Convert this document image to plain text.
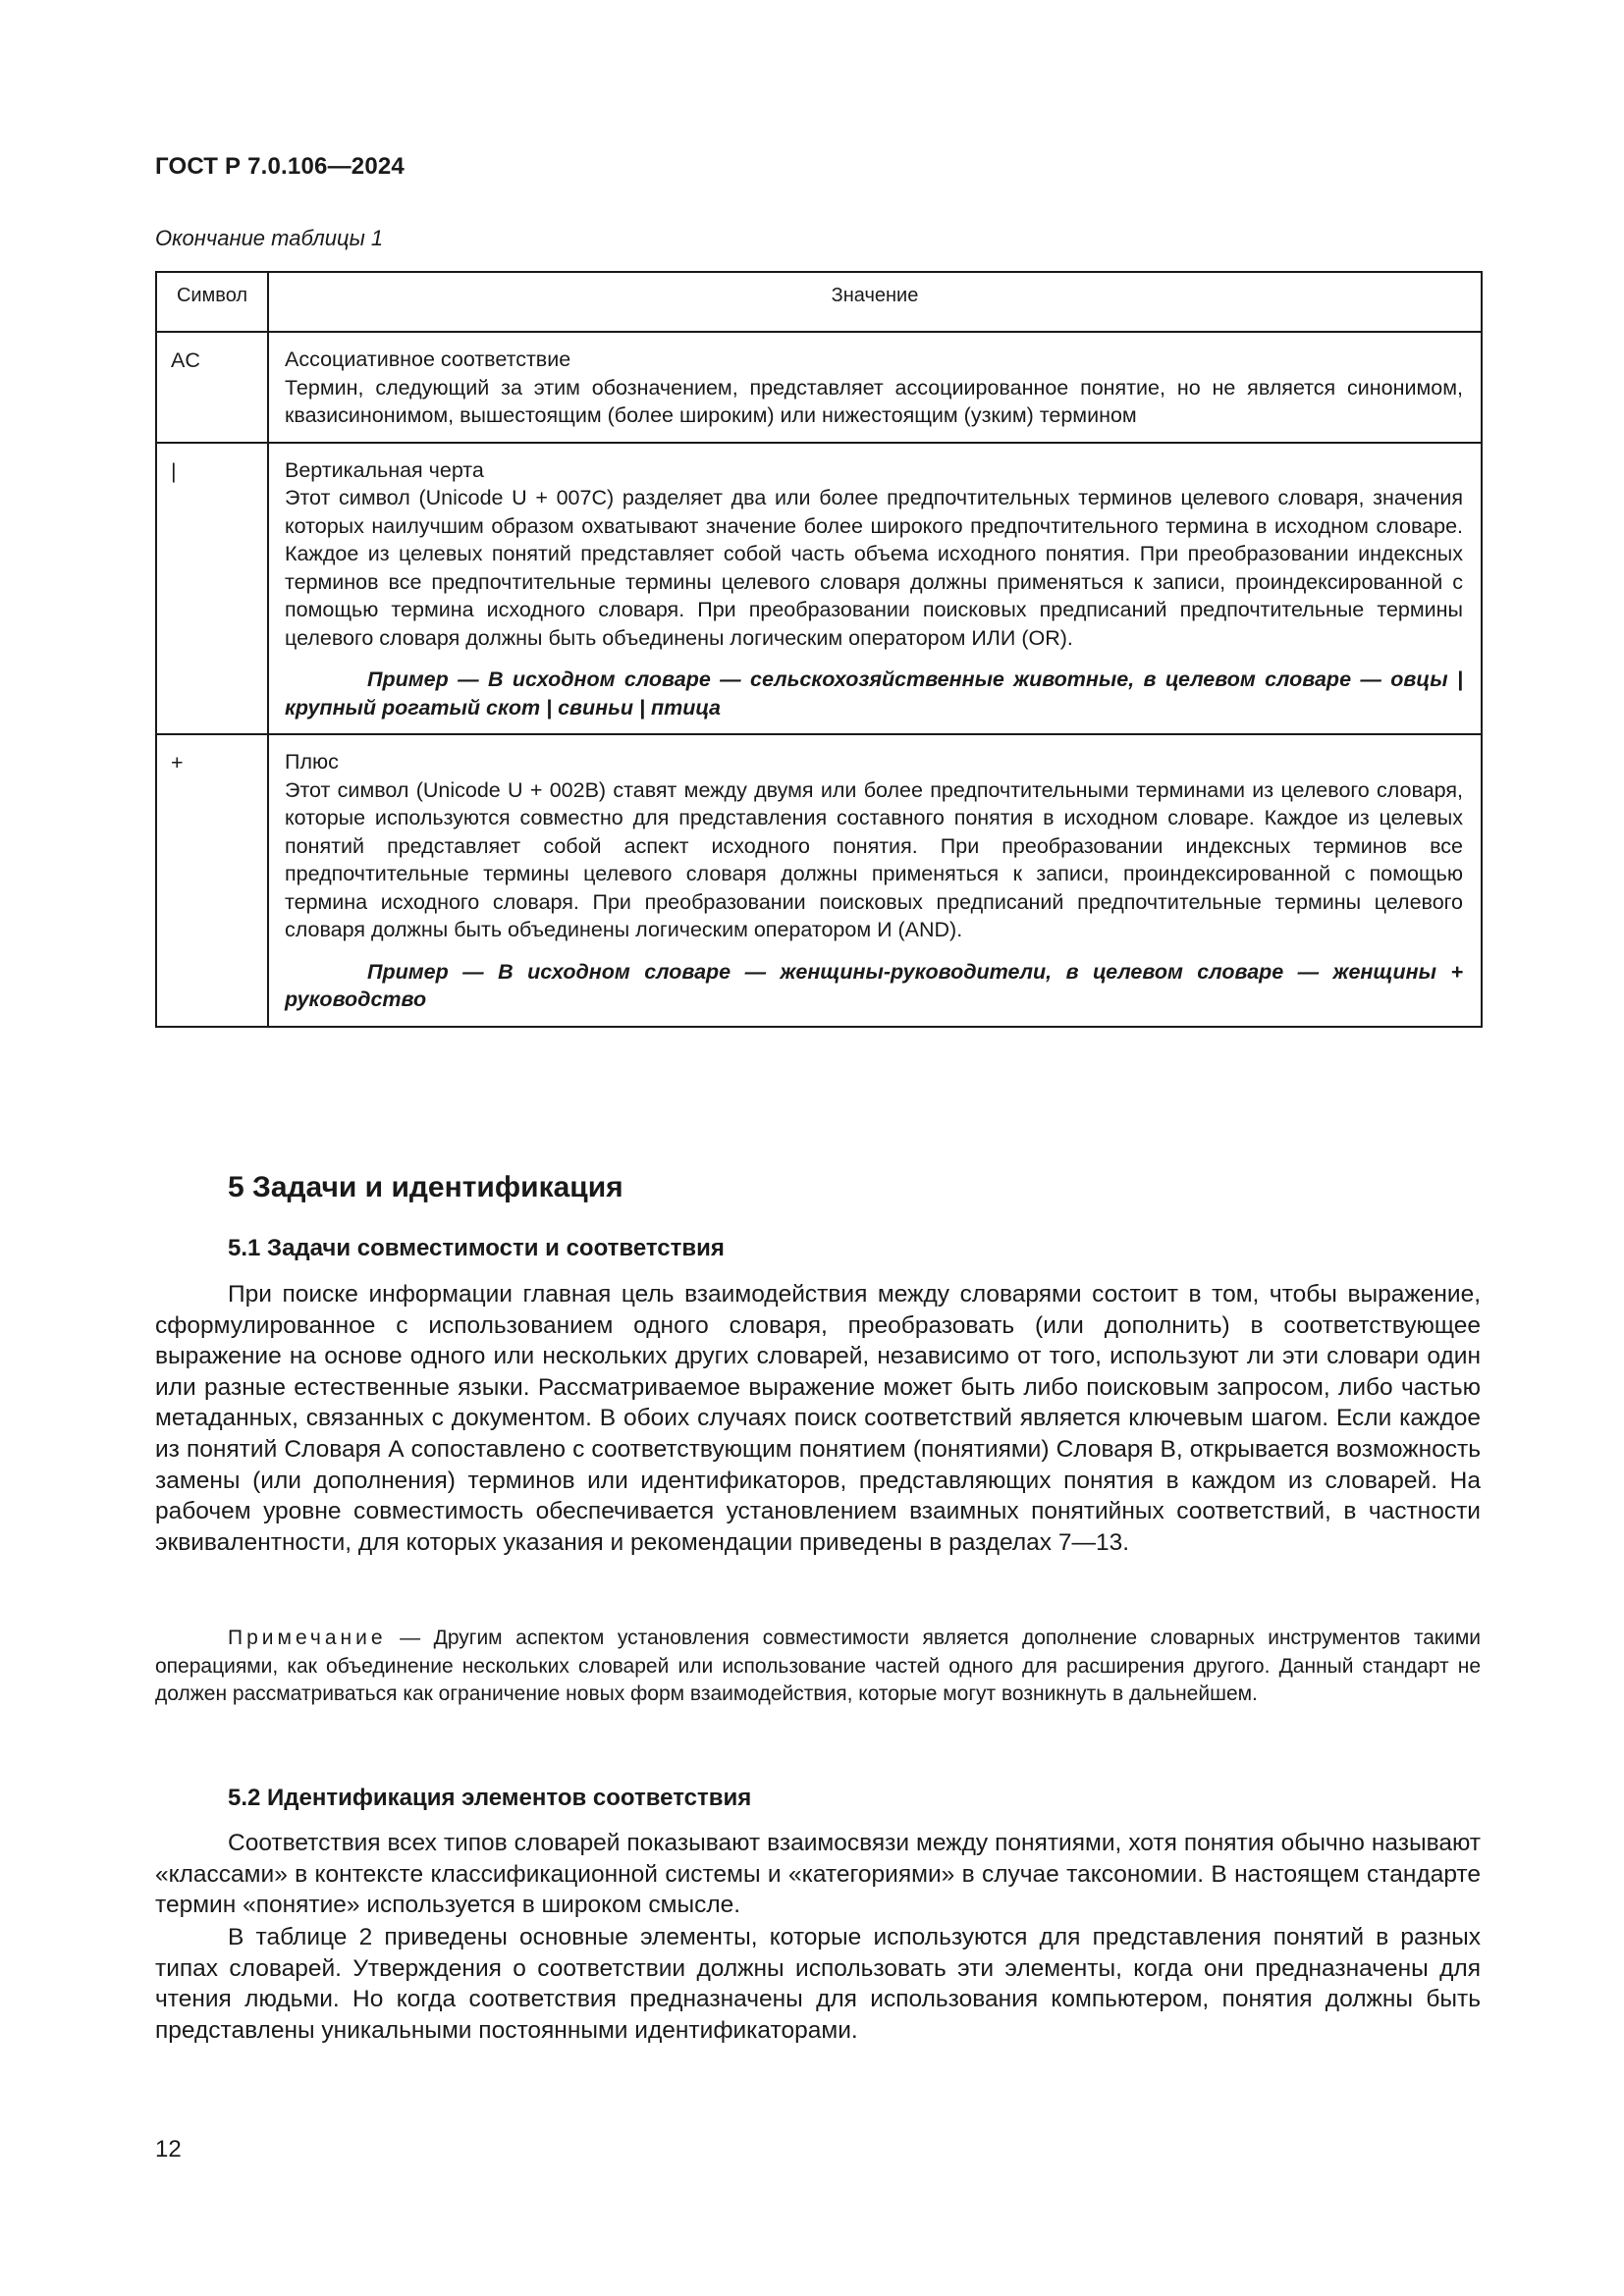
ГОСТ Р 7.0.106—2024
Окончание таблицы 1
Символ	Значение
AC	Ассоциативное соответствие
Термин, следующий за этим обозначением, представляет ассоциированное понятие, но не является синонимом, квазисинонимом, вышестоящим (более широким) или нижестоящим (узким) термином

|	Вертикальная черта
Этот символ (Unicode U + 007C) разделяет два или более предпочтительных терминов целевого словаря, значения которых наилучшим образом охватывают значение более широкого предпочтительного термина в исходном словаре. Каждое из целевых понятий представляет собой часть объема исходного понятия. При преобразовании индексных терминов все предпочтительные термины целевого словаря должны применяться к записи, проиндексированной с помощью термина исходного словаря. При преобразовании поисковых предписаний предпочтительные термины целевого словаря должны быть объединены логическим оператором ИЛИ (OR).
Пример — В исходном словаре — сельскохозяйственные животные, в целевом словаре — овцы | крупный рогатый скот | свиньи | птица

+	Плюс
Этот символ (Unicode U + 002B) ставят между двумя или более предпочтительными терминами из целевого словаря, которые используются совместно для представления составного понятия в исходном словаре. Каждое из целевых понятий представляет собой аспект исходного понятия. При преобразовании индексных терминов все предпочтительные термины целевого словаря должны применяться к записи, проиндексированной с помощью термина исходного словаря. При преобразовании поисковых предписаний предпочтительные термины целевого словаря должны быть объединены логическим оператором И (AND).
Пример — В исходном словаре — женщины-руководители, в целевом словаре — женщины + руководство
5 Задачи и идентификация
5.1 Задачи совместимости и соответствия

При поиске информации главная цель взаимодействия между словарями состоит в том, чтобы выражение, сформулированное с использованием одного словаря, преобразовать (или дополнить) в соответствующее выражение на основе одного или нескольких других словарей, независимо от того, используют ли эти словари один или разные естественные языки. Рассматриваемое выражение может быть либо поисковым запросом, либо частью метаданных, связанных с документом. В обоих случаях поиск соответствий является ключевым шагом. Если каждое из понятий Словаря А сопоставлено с соответствующим понятием (понятиями) Словаря В, открывается возможность замены (или дополнения) терминов или идентификаторов, представляющих понятия в каждом из словарей. На рабочем уровне совместимость обеспечивается установлением взаимных понятийных соответствий, в частности эквивалентности, для которых указания и рекомендации приведены в разделах 7—13.

Примечание — Другим аспектом установления совместимости является дополнение словарных инструментов такими операциями, как объединение нескольких словарей или использование частей одного для расширения другого. Данный стандарт не должен рассматриваться как ограничение новых форм взаимодействия, которые могут возникнуть в дальнейшем.

5.2 Идентификация элементов соответствия

Соответствия всех типов словарей показывают взаимосвязи между понятиями, хотя понятия обычно называют «классами» в контексте классификационной системы и «категориями» в случае таксономии. В настоящем стандарте термин «понятие» используется в широком смысле.

В таблице 2 приведены основные элементы, которые используются для представления понятий в разных типах словарей. Утверждения о соответствии должны использовать эти элементы, когда они предназначены для чтения людьми. Но когда соответствия предназначены для использования компьютером, понятия должны быть представлены уникальными постоянными идентификаторами.

12
